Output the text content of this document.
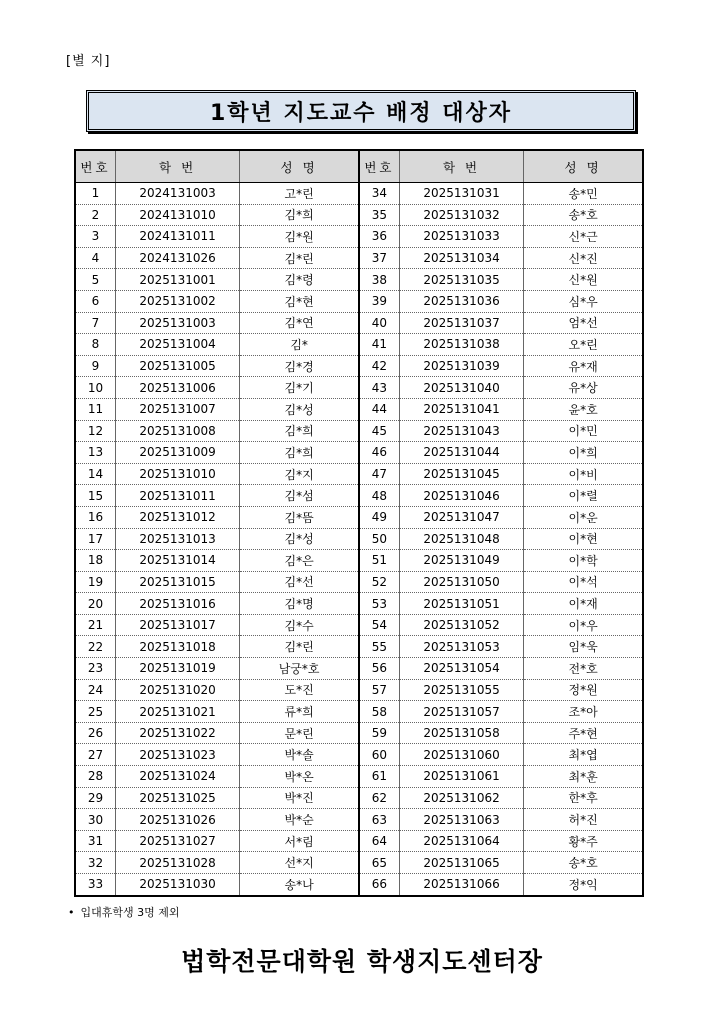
[별 지]
1학년 지도교수 배정 대상자
번호	학 번	성 명	번호	학 번	성 명
1	2024131003	고*린	34	2025131031	송*민
2	2024131010	김*희	35	2025131032	송*호
3	2024131011	김*원	36	2025131033	신*근
4	2024131026	김*린	37	2025131034	신*진
5	2025131001	김*령	38	2025131035	신*원
6	2025131002	김*현	39	2025131036	심*우
7	2025131003	김*연	40	2025131037	엄*선
8	2025131004	김*	41	2025131038	오*린
9	2025131005	김*경	42	2025131039	유*재
10	2025131006	김*기	43	2025131040	유*상
11	2025131007	김*성	44	2025131041	윤*호
12	2025131008	김*희	45	2025131043	이*민
13	2025131009	김*희	46	2025131044	이*희
14	2025131010	김*지	47	2025131045	이*비
15	2025131011	김*섬	48	2025131046	이*렬
16	2025131012	김*뜸	49	2025131047	이*운
17	2025131013	김*성	50	2025131048	이*현
18	2025131014	김*은	51	2025131049	이*학
19	2025131015	김*선	52	2025131050	이*석
20	2025131016	김*명	53	2025131051	이*재
21	2025131017	김*수	54	2025131052	이*우
22	2025131018	김*린	55	2025131053	임*욱
23	2025131019	남궁*호	56	2025131054	전*호
24	2025131020	도*진	57	2025131055	정*원
25	2025131021	류*희	58	2025131057	조*아
26	2025131022	문*린	59	2025131058	주*현
27	2025131023	박*솔	60	2025131060	최*엽
28	2025131024	박*온	61	2025131061	최*훈
29	2025131025	박*진	62	2025131062	한*후
30	2025131026	박*순	63	2025131063	허*진
31	2025131027	서*림	64	2025131064	황*주
32	2025131028	선*지	65	2025131065	송*호
33	2025131030	송*나	66	2025131066	정*익
• 입대휴학생 3명 제외
법학전문대학원 학생지도센터장
